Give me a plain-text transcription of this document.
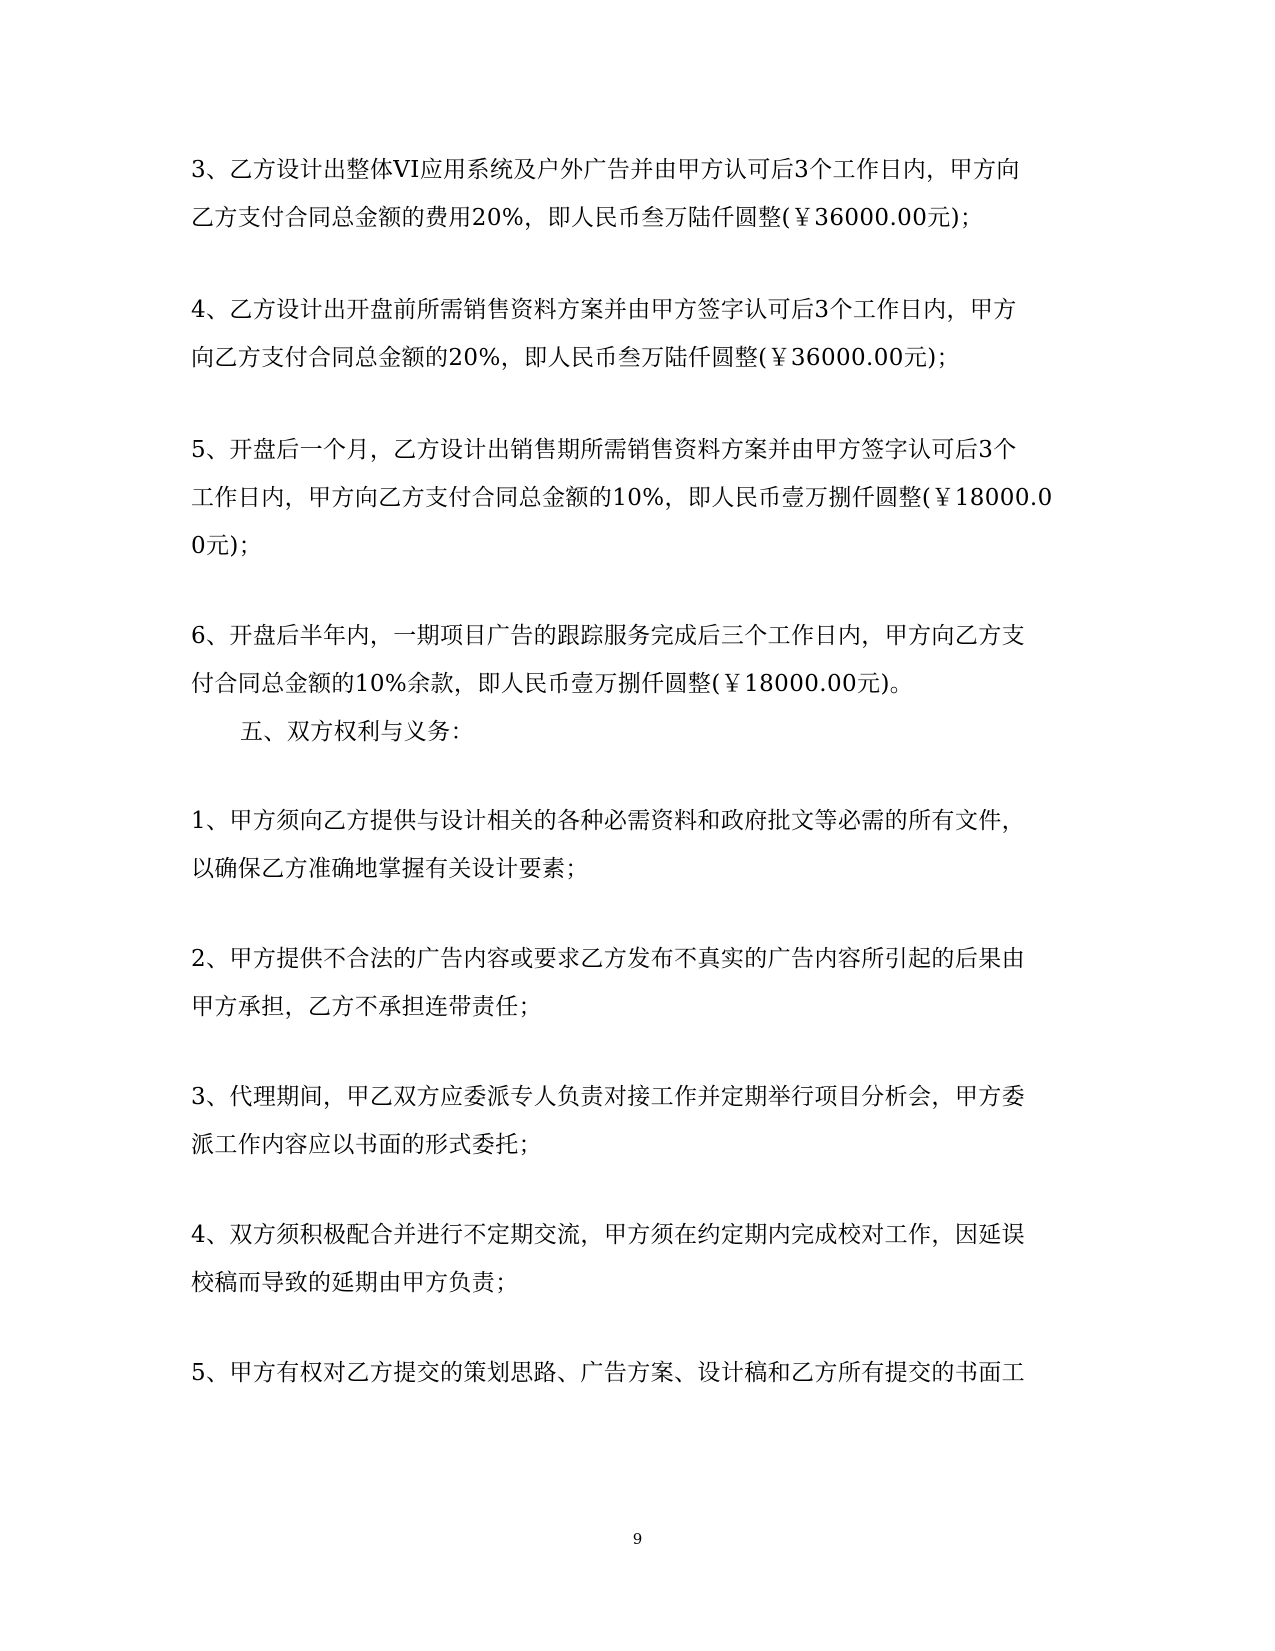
3、乙方设计出整体VI应用系统及户外广告并由甲方认可后3个工作日内，甲方向
乙方支付合同总金额的费用20%，即人民币叁万陆仟圆整(￥36000.00元)；
4、乙方设计出开盘前所需销售资料方案并由甲方签字认可后3个工作日内，甲方
向乙方支付合同总金额的20%，即人民币叁万陆仟圆整(￥36000.00元)；
5、开盘后一个月，乙方设计出销售期所需销售资料方案并由甲方签字认可后3个
工作日内，甲方向乙方支付合同总金额的10%，即人民币壹万捌仟圆整(￥18000.0
0元)；
6、开盘后半年内，一期项目广告的跟踪服务完成后三个工作日内，甲方向乙方支
付合同总金额的10%余款，即人民币壹万捌仟圆整(￥18000.00元)。
五、双方权利与义务：
1、甲方须向乙方提供与设计相关的各种必需资料和政府批文等必需的所有文件，
以确保乙方准确地掌握有关设计要素；
2、甲方提供不合法的广告内容或要求乙方发布不真实的广告内容所引起的后果由
甲方承担，乙方不承担连带责任；
3、代理期间，甲乙双方应委派专人负责对接工作并定期举行项目分析会，甲方委
派工作内容应以书面的形式委托；
4、双方须积极配合并进行不定期交流，甲方须在约定期内完成校对工作，因延误
校稿而导致的延期由甲方负责；
5、甲方有权对乙方提交的策划思路、广告方案、设计稿和乙方所有提交的书面工
9
